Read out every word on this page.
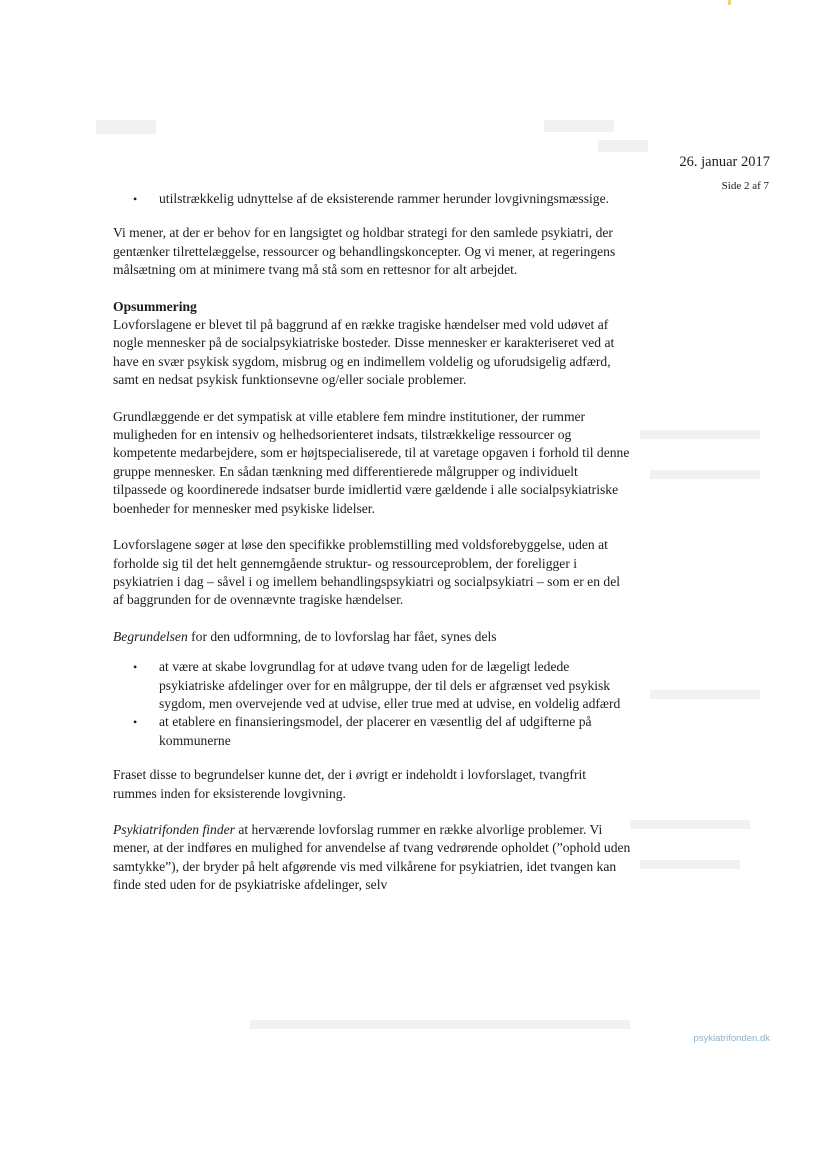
26. januar 2017
Side 2 af 7
• utilstrækkelig udnyttelse af de eksisterende rammer herunder lovgivningsmæssige.

Vi mener, at der er behov for en langsigtet og holdbar strategi for den samlede psykiatri, der gentænker tilrettelæggelse, ressourcer og behandlingskoncepter. Og vi mener, at regeringens målsætning om at minimere tvang må stå som en rettesnor for alt arbejdet.

Opsummering
Lovforslagene er blevet til på baggrund af en række tragiske hændelser med vold udøvet af nogle mennesker på de socialpsykiatriske bosteder. Disse mennesker er karakteriseret ved at have en svær psykisk sygdom, misbrug og en indimellem voldelig og uforudsigelig adfærd, samt en nedsat psykisk funktionsevne og/eller sociale problemer.

Grundlæggende er det sympatisk at ville etablere fem mindre institutioner, der rummer muligheden for en intensiv og helhedsorienteret indsats, tilstrækkelige ressourcer og kompetente medarbejdere, som er højtspecialiserede, til at varetage opgaven i forhold til denne gruppe mennesker. En sådan tænkning med differentierede målgrupper og individuelt tilpassede og koordinerede indsatser burde imidlertid være gældende i alle socialpsykiatriske boenheder for mennesker med psykiske lidelser.

Lovforslagene søger at løse den specifikke problemstilling med voldsforebyggelse, uden at forholde sig til det helt gennemgående struktur- og ressourceproblem, der foreligger i psykiatrien i dag – såvel i og imellem behandlingspsykiatri og socialpsykiatri – som er en del af baggrunden for de ovennævnte tragiske hændelser.

Begrundelsen for den udformning, de to lovforslag har fået, synes dels

• at være at skabe lovgrundlag for at udøve tvang uden for de lægeligt ledede psykiatriske afdelinger over for en målgruppe, der til dels er afgrænset ved psykisk sygdom, men overvejende ved at udvise, eller true med at udvise, en voldelig adfærd
• at etablere en finansieringsmodel, der placerer en væsentlig del af udgifterne på kommunerne

Fraset disse to begrundelser kunne det, der i øvrigt er indeholdt i lovforslaget, tvangfrit rummes inden for eksisterende lovgivning.

Psykiatrifonden finder at herværende lovforslag rummer en række alvorlige problemer. Vi mener, at der indføres en mulighed for anvendelse af tvang vedrørende opholdet (”ophold uden samtykke”), der bryder på helt afgørende vis med vilkårene for psykiatrien, idet tvangen kan finde sted uden for de psykiatriske afdelinger, selv

psykiatrifonden.dk
